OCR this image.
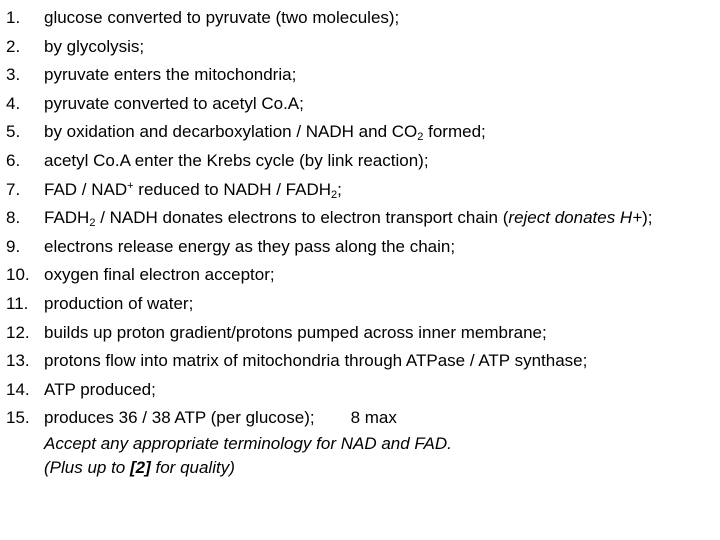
1.	glucose converted to pyruvate (two molecules);
2.	by glycolysis;
3.	pyruvate enters the mitochondria;
4.	pyruvate converted to acetyl Co.A;
5.	by oxidation and decarboxylation / NADH and $CO_2$ formed;
6.	acetyl Co.A enter the Krebs cycle (by link reaction);
7.	FAD / NAD+ reduced to NADH / $FADH_2$;
8.	$FADH_2$ / NADH donates electrons to electron transport chain (reject donates H+);
9.	electrons release energy as they pass along the chain;
10. oxygen final electron acceptor;
11. production of water;
12. builds up proton gradient/protons pumped across inner membrane;
13. protons flow into matrix of mitochondria through ATPase / ATP synthase;
14. ATP produced;
15. produces 36 / 38 ATP (per glucose); 8 max
Accept any appropriate terminology for NAD and FAD.
(Plus up to [2] for quality)
